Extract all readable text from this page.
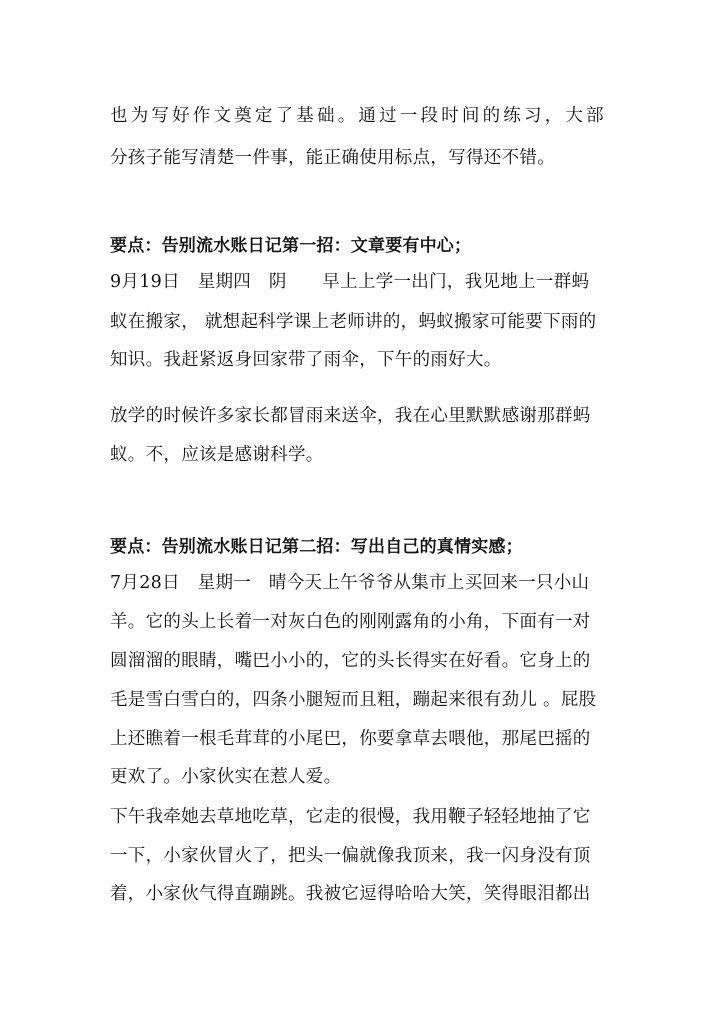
也为写好作文奠定了基础。通过一段时间的练习，大部
分孩子能写清楚一件事，能正确使用标点，写得还不错。
要点：告别流水账日记第一招：文章要有中心；
9月19日　星期四　阴　　早上上学一出门，我见地上一群蚂
蚁在搬家， 就想起科学课上老师讲的，蚂蚁搬家可能要下雨的
知识。我赶紧返身回家带了雨伞，下午的雨好大。
放学的时候许多家长都冒雨来送伞，我在心里默默感谢那群蚂
蚁。不，应该是感谢科学。
要点：告别流水账日记第二招：写出自己的真情实感；
7月28日　星期一　晴今天上午爷爷从集市上买回来一只小山
羊。它的头上长着一对灰白色的刚刚露角的小角，下面有一对
圆溜溜的眼睛，嘴巴小小的，它的头长得实在好看。它身上的
毛是雪白雪白的，四条小腿短而且粗，蹦起来很有劲儿 。屁股
上还瞧着一根毛茸茸的小尾巴，你要拿草去喂他，那尾巴摇的
更欢了。小家伙实在惹人爱。
下午我牵她去草地吃草，它走的很慢，我用鞭子轻轻地抽了它
一下，小家伙冒火了，把头一偏就像我顶来，我一闪身没有顶
着，小家伙气得直蹦跳。我被它逗得哈哈大笑，笑得眼泪都出
